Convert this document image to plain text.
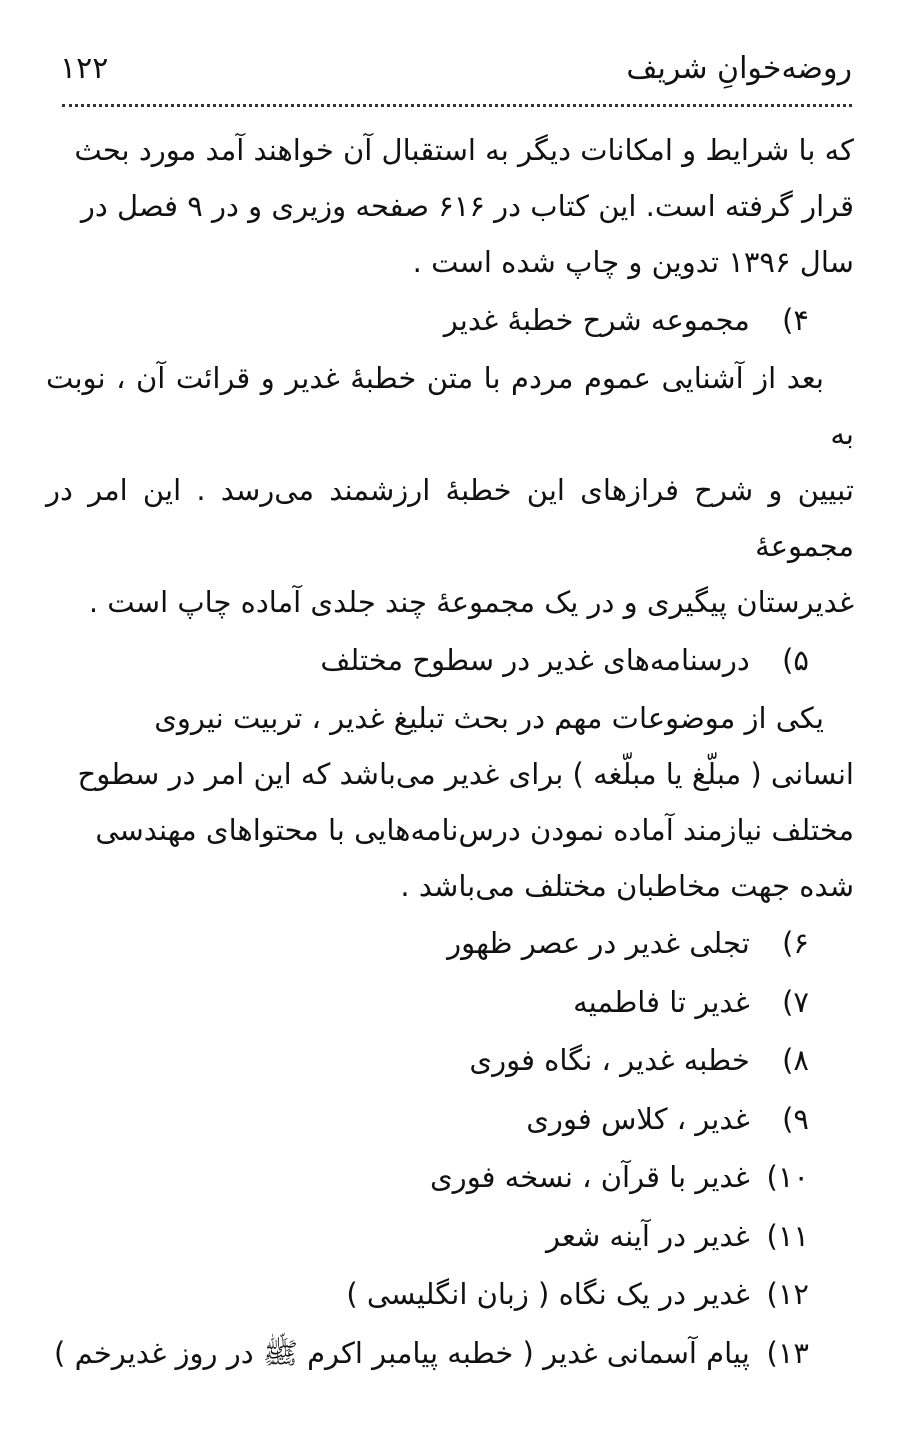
روضه‌خوانِ شریف
۱۲۲
که با شرایط و امکانات دیگر به استقبال آن خواهند آمد مورد بحث
قرار گرفته است. این کتاب در ۶۱۶ صفحه وزیری و در ۹ فصل در
سال ۱۳۹۶ تدوین و چاپ شده است .
۴) مجموعه شرح خطبهٔ غدیر
بعد از آشنایی عموم مردم با متن خطبهٔ غدیر و قرائت آن ، نوبت به
تبیین و شرح فرازهای این خطبهٔ ارزشمند می‌رسد . این امر در مجموعهٔ
غدیرستان پیگیری و در یک مجموعهٔ چند جلدی آماده چاپ است .
۵) درسنامه‌های غدیر در سطوح مختلف
یکی از موضوعات مهم در بحث تبلیغ غدیر ، تربیت نیروی
انسانی ( مبلّغ یا مبلّغه ) برای غدیر می‌باشد که این امر در سطوح
مختلف نیازمند آماده نمودن درس‌نامه‌هایی با محتواهای مهندسی
شده جهت مخاطبان مختلف می‌باشد .
۶) تجلی غدیر در عصر ظهور
۷) غدیر تا فاطمیه
۸) خطبه غدیر ، نگاه فوری
۹) غدیر ، کلاس فوری
۱۰) غدیر با قرآن ، نسخه فوری
۱۱) غدیر در آینه شعر
۱۲) غدیر در یک نگاه ( زبان انگلیسی )
۱۳) پیام آسمانی غدیر ( خطبه پیامبر اکرم ﷺ در روز غدیرخم )
